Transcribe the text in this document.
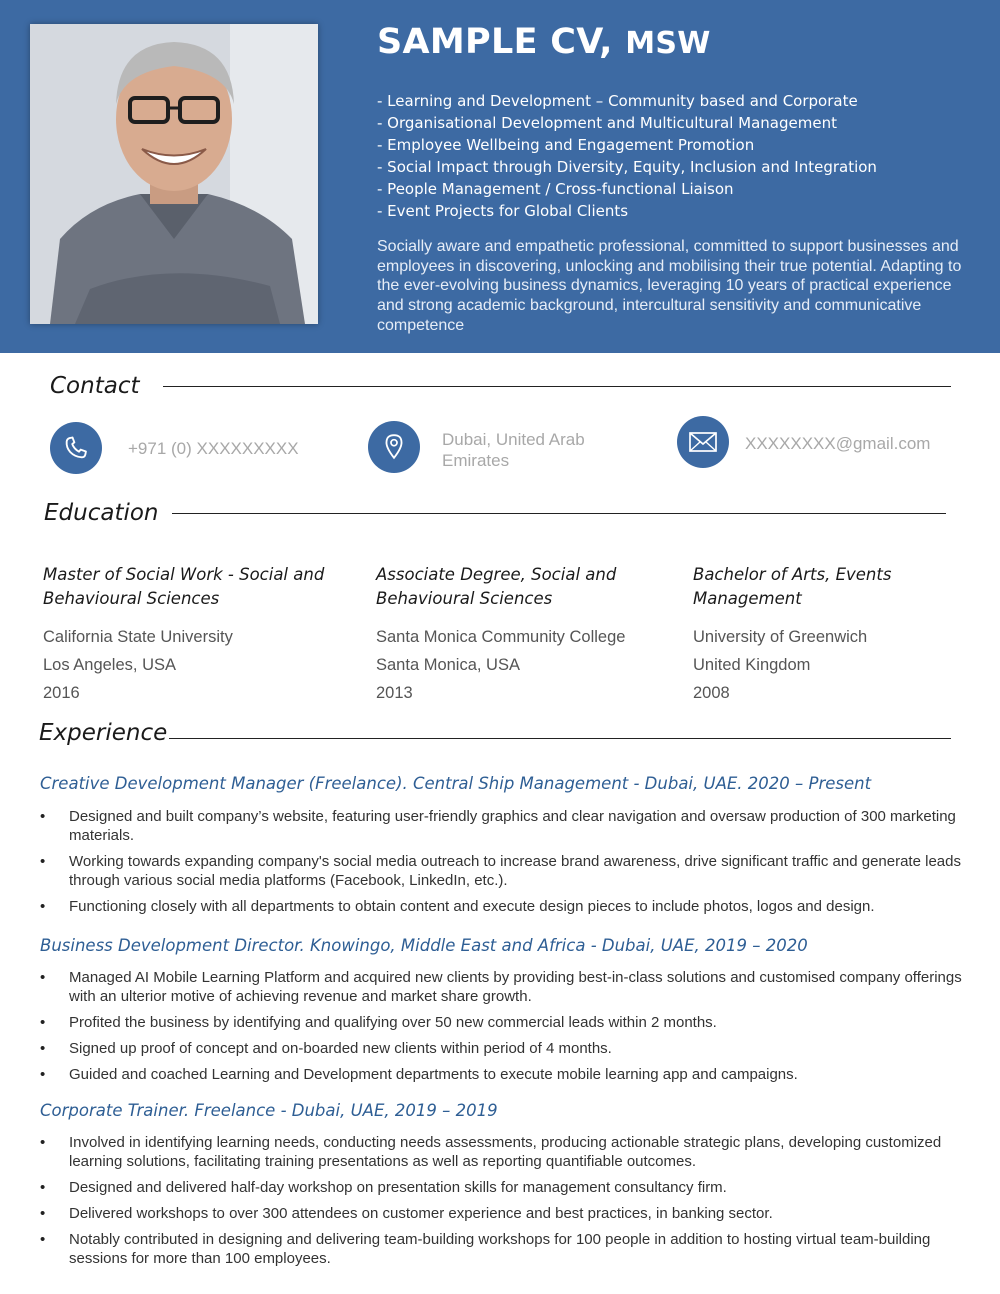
SAMPLE CV, MSW
- Learning and Development – Community based and Corporate
- Organisational Development and Multicultural Management
- Employee Wellbeing and Engagement Promotion
- Social Impact through Diversity, Equity, Inclusion and Integration
- People Management / Cross-functional Liaison
- Event Projects for Global Clients

Socially aware and empathetic professional, committed to support businesses and employees in discovering, unlocking and mobilising their true potential. Adapting to the ever-evolving business dynamics, leveraging 10 years of practical experience and strong academic background, intercultural sensitivity and communicative competence

Contact
+971 (0) XXXXXXXXX	Dubai, United Arab Emirates
XXXXXXXX@gmail.com
Education
Master of Social Work - Social and Behavioural Sciences
California State University
Los Angeles, USA
2016
Associate Degree, Social and Behavioural Sciences
Santa Monica Community College
Santa Monica, USA
2013
Bachelor of Arts, Events Management
University of Greenwich
United Kingdom
2008
Experience
Creative Development Manager (Freelance). Central Ship Management - Dubai, UAE. 2020 – Present
• Designed and built company’s website, featuring user-friendly graphics and clear navigation and oversaw production of 300 marketing materials.
• Working towards expanding company's social media outreach to increase brand awareness, drive significant traffic and generate leads through various social media platforms (Facebook, LinkedIn, etc.).
• Functioning closely with all departments to obtain content and execute design pieces to include photos, logos and design.
Business Development Director. Knowingo, Middle East and Africa - Dubai, UAE, 2019 – 2020
• Managed AI Mobile Learning Platform and acquired new clients by providing best-in-class solutions and customised company offerings with an ulterior motive of achieving revenue and market share growth.
• Profited the business by identifying and qualifying over 50 new commercial leads within 2 months.
• Signed up proof of concept and on-boarded new clients within period of 4 months.
• Guided and coached Learning and Development departments to execute mobile learning app and campaigns.
Corporate Trainer. Freelance - Dubai, UAE, 2019 – 2019
• Involved in identifying learning needs, conducting needs assessments, producing actionable strategic plans, developing customized learning solutions, facilitating training presentations as well as reporting quantifiable outcomes.
• Designed and delivered half-day workshop on presentation skills for management consultancy firm.
• Delivered workshops to over 300 attendees on customer experience and best practices, in banking sector.
• Notably contributed in designing and delivering team-building workshops for 100 people in addition to hosting virtual team-building sessions for more than 100 employees.
